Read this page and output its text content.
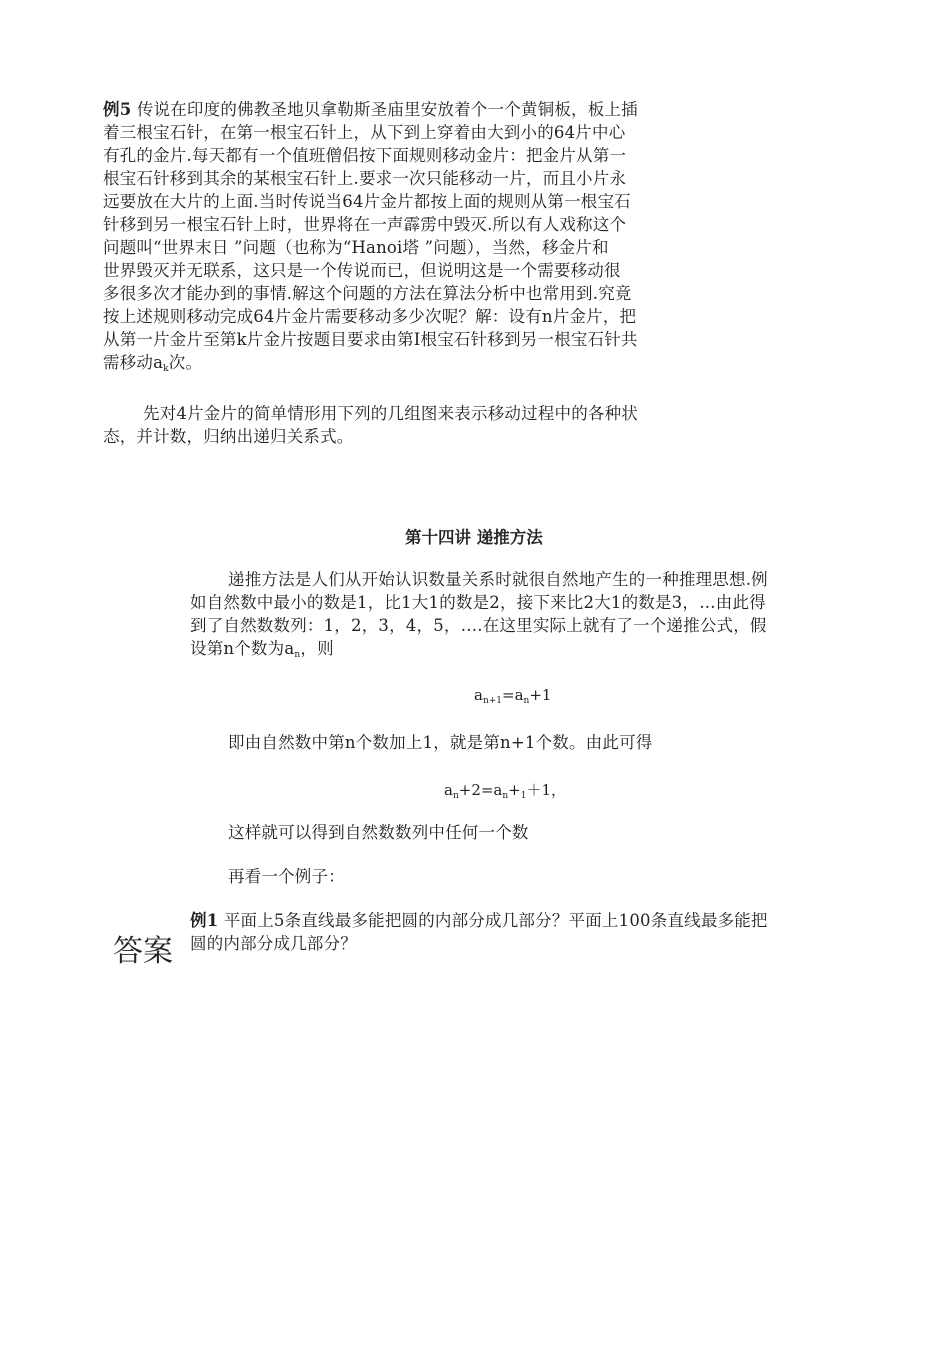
例5 传说在印度的佛教圣地贝拿勒斯圣庙里安放着个一个黄铜板，板上插
着三根宝石针，在第一根宝石针上，从下到上穿着由大到小的64片中心
有孔的金片.每天都有一个值班僧侣按下面规则移动金片：把金片从第一
根宝石针移到其余的某根宝石针上.要求一次只能移动一片，而且小片永
远要放在大片的上面.当时传说当64片金片都按上面的规则从第一根宝石
针移到另一根宝石针上时，世界将在一声霹雳中毁灭.所以有人戏称这个
问题叫“世界末日 ”问题（也称为“Hanoi塔 ”问题），当然，移金片和
世界毁灭并无联系，这只是一个传说而已，但说明这是一个需要移动很
多很多次才能办到的事情.解这个问题的方法在算法分析中也常用到.究竟
按上述规则移动完成64片金片需要移动多少次呢？解：设有n片金片，把
从第一片金片至第k片金片按题目要求由第I根宝石针移到另一根宝石针共
需移动$a_k$次。
先对4片金片的简单情形用下列的几组图来表示移动过程中的各种状
态，并计数，归纳出递归关系式。
第十四讲 递推方法
递推方法是人们从开始认识数量关系时就很自然地产生的一种推理思想.例
如自然数中最小的数是1，比1大1的数是2，接下来比2大1的数是3，…由此得
到了自然数数列：1，2，3，4，5，….在这里实际上就有了一个递推公式，假
设第n个数为$a_n$，则
$a_{n+1}=a_n+1$
即由自然数中第n个数加上1，就是第n+1个数。由此可得
$a_n+2=a_n+_1+1$，
这样就可以得到自然数数列中任何一个数
再看一个例子：
例1 平面上5条直线最多能把圆的内部分成几部分？平面上100条直线最多能把
圆的内部分成几部分？
答案
